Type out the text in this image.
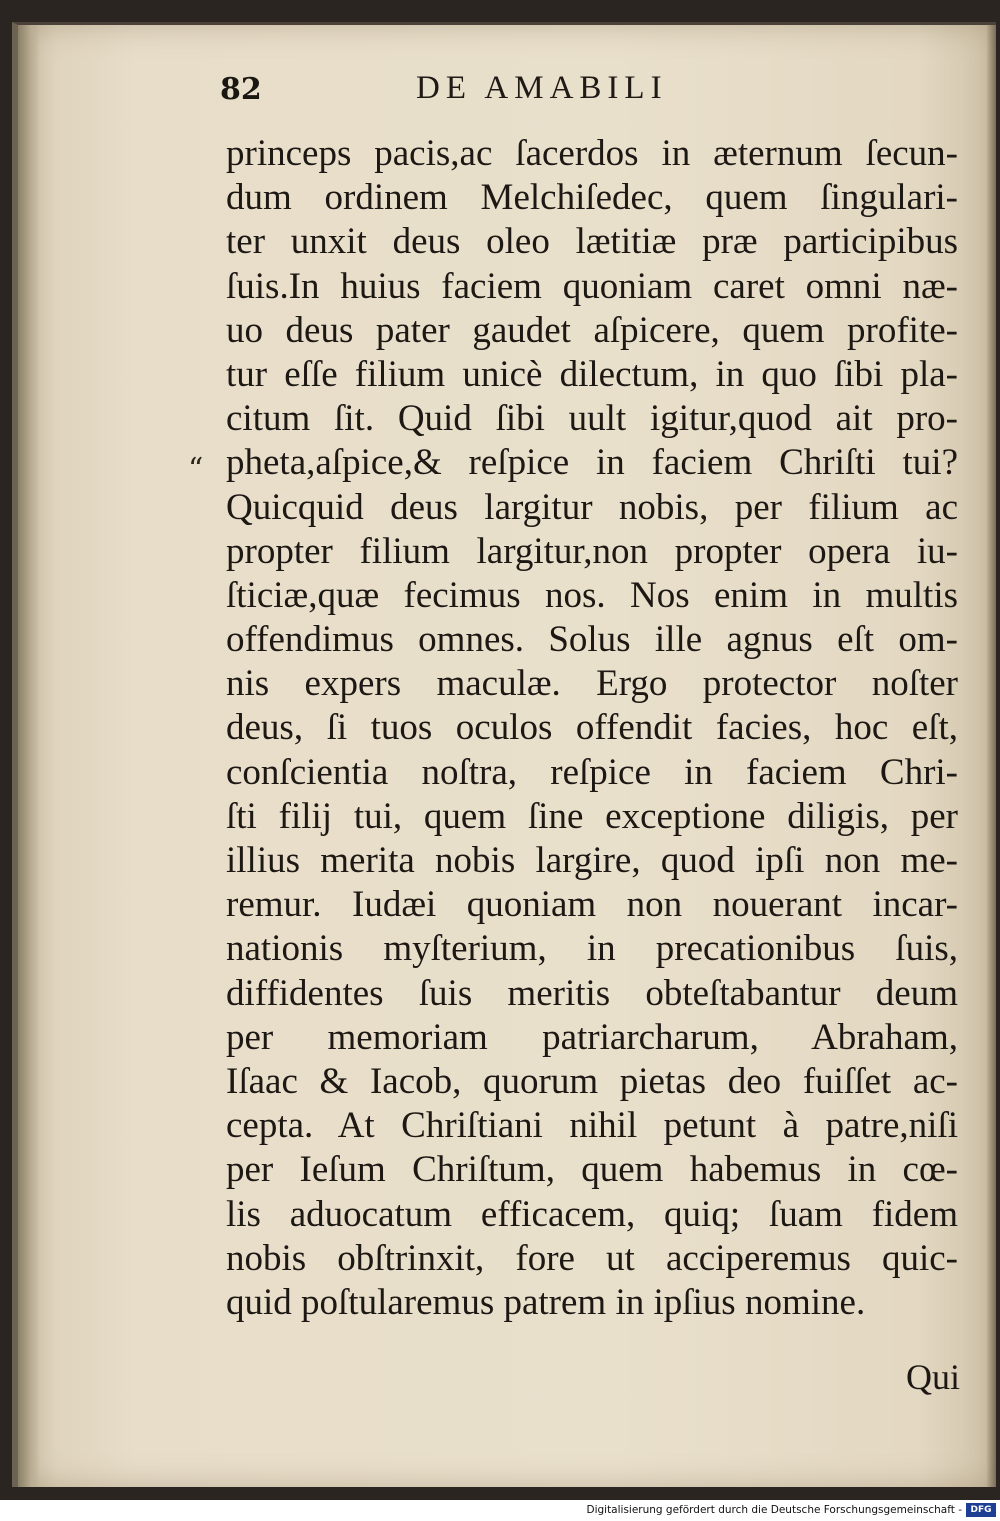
82	DE AMABILI
“
princeps pacis,ac ſacerdos in æternum ſecun-
dum ordinem Melchiſedec, quem ſingulari-
ter unxit deus oleo lætitiæ præ participibus
ſuis.In huius faciem quoniam caret omni næ-
uo deus pater gaudet aſpicere, quem profite-
tur eſſe filium unicè dilectum, in quo ſibi pla-
citum ſit. Quid ſibi uult igitur,quod ait pro-
pheta,aſpice,& reſpice in faciem Chriſti tui?
Quicquid deus largitur nobis, per filium ac
propter filium largitur,non propter opera iu-
ſticiæ,quæ fecimus nos. Nos enim in multis
offendimus omnes. Solus ille agnus eſt om-
nis expers maculæ. Ergo protector noſter
deus, ſi tuos oculos offendit facies, hoc eſt,
conſcientia noſtra, reſpice in faciem Chri-
ſti filij tui, quem ſine exceptione diligis, per
illius merita nobis largire, quod ipſi non me-
remur. Iudæi quoniam non nouerant incar-
nationis myſterium, in precationibus ſuis,
diffidentes ſuis meritis obteſtabantur deum
per memoriam patriarcharum, Abraham,
Iſaac & Iacob, quorum pietas deo fuiſſet ac-
cepta. At Chriſtiani nihil petunt à patre,niſi
per Ieſum Chriſtum, quem habemus in cœ-
lis aduocatum efficacem, quiq; ſuam fidem
nobis obſtrinxit, fore ut acciperemus quic-
quid poſtularemus patrem in ipſius nomine.
Qui
Digitalisierung gefördert durch die Deutsche Forschungsgemeinschaft - DFG
